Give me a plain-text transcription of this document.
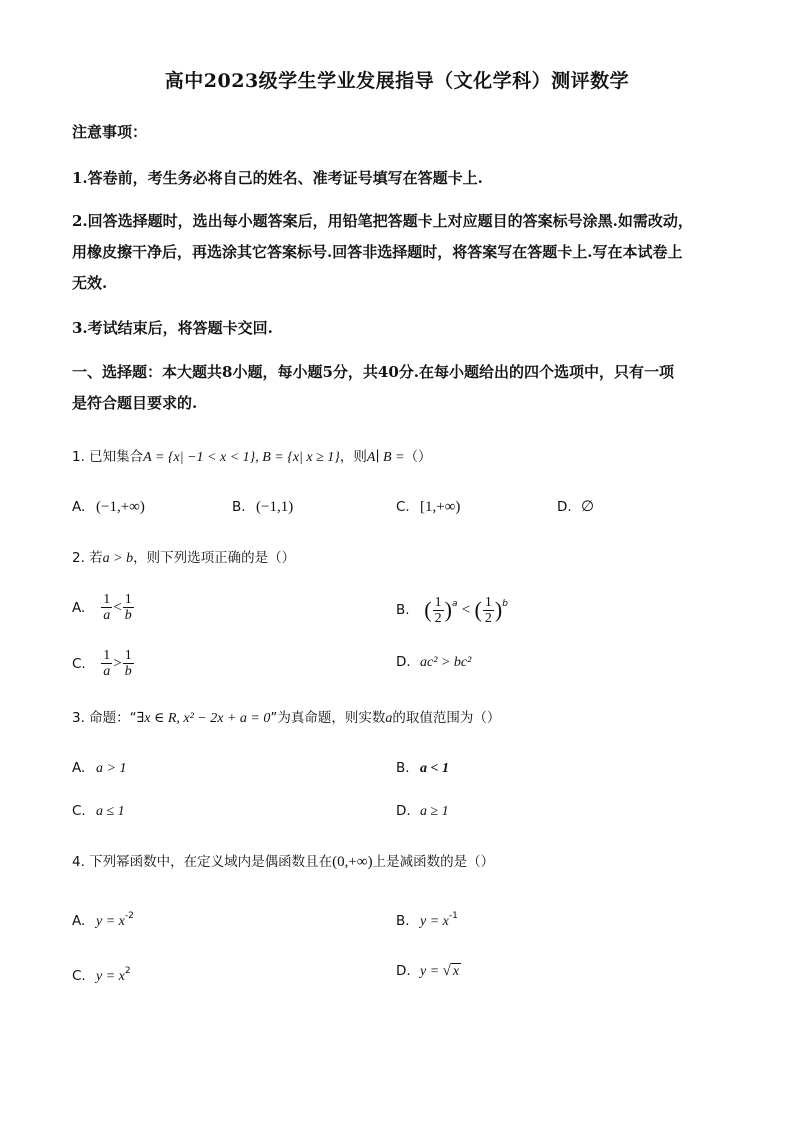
高中2023级学生学业发展指导（文化学科）测评数学
注意事项：
1.答卷前，考生务必将自己的姓名、准考证号填写在答题卡上.
2.回答选择题时，选出每小题答案后，用铅笔把答题卡上对应题目的答案标号涂黑.如需改动，
用橡皮擦干净后，再选涂其它答案标号.回答非选择题时，将答案写在答题卡上.写在本试卷上
无效.
3.考试结束后，将答题卡交回.
一、选择题：本大题共8小题，每小题5分，共40分.在每小题给出的四个选项中，只有一项
是符合题目要求的.
1. 已知集合A = {x| −1 < x < 1}, B = {x| x ≥ 1}，则A∣ B =（）
A. (−1,+∞)	B. (−1,1)	C. [1,+∞)	D. ∅
2. 若a > b，则下列选项正确的是（）
A. $\frac{1}{a} < \frac{1}{b}$	B. ( $\frac{1}{2} )^a$ < ( $\frac{1}{2} )^b$
C. $\frac{1}{a} > \frac{1}{b}$	D. ac² > bc²
3. 命题：“∃x ∈ R, x² − 2x + a = 0”为真命题，则实数a的取值范围为（）
A. a > 1	B. a < 1
C. a ≤ 1	D. a ≥ 1
4. 下列幂函数中，在定义域内是偶函数且在(0,+∞)上是减函数的是（）
A. $y = x^{-2}$	B. $y = x^{-1}$
C. $y = x^2$	D. y = √ x
